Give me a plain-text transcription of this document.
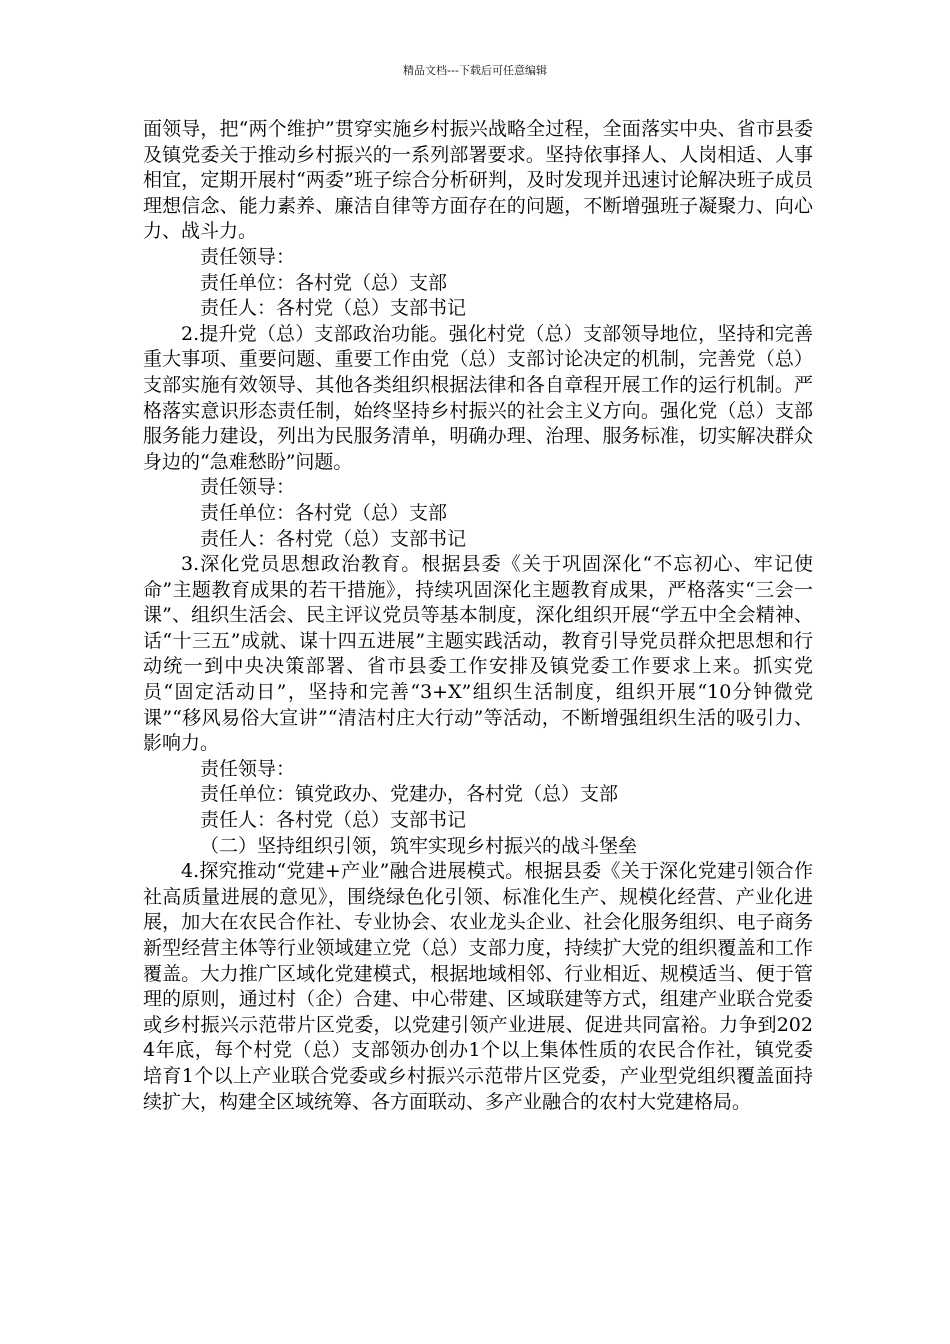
精品文档---下载后可任意编辑

面领导，把“两个维护”贯穿实施乡村振兴战略全过程，全面落实中央、省市县委及镇党委关于推动乡村振兴的一系列部署要求。坚持依事择人、人岗相适、人事相宜，定期开展村“两委”班子综合分析研判，及时发现并迅速讨论解决班子成员理想信念、能力素养、廉洁自律等方面存在的问题，不断增强班子凝聚力、向心力、战斗力。

责任领导：

责任单位：各村党（总）支部

责任人：各村党（总）支部书记

2.提升党（总）支部政治功能。强化村党（总）支部领导地位，坚持和完善重大事项、重要问题、重要工作由党（总）支部讨论决定的机制，完善党（总）支部实施有效领导、其他各类组织根据法律和各自章程开展工作的运行机制。严格落实意识形态责任制，始终坚持乡村振兴的社会主义方向。强化党（总）支部服务能力建设，列出为民服务清单，明确办理、治理、服务标准，切实解决群众身边的“急难愁盼”问题。

责任领导：

责任单位：各村党（总）支部

责任人：各村党（总）支部书记

3.深化党员思想政治教育。根据县委《关于巩固深化“不忘初心、牢记使命”主题教育成果的若干措施》，持续巩固深化主题教育成果，严格落实“三会一课”、组织生活会、民主评议党员等基本制度，深化组织开展“学五中全会精神、话“十三五”成就、谋十四五进展”主题实践活动，教育引导党员群众把思想和行动统一到中央决策部署、省市县委工作安排及镇党委工作要求上来。抓实党员“固定活动日”，坚持和完善“3+X”组织生活制度，组织开展“10分钟微党课”“移风易俗大宣讲”“清洁村庄大行动”等活动，不断增强组织生活的吸引力、影响力。

责任领导：

责任单位：镇党政办、党建办，各村党（总）支部

责任人：各村党（总）支部书记

（二）坚持组织引领，筑牢实现乡村振兴的战斗堡垒

4.探究推动“党建+产业”融合进展模式。根据县委《关于深化党建引领合作社高质量进展的意见》，围绕绿色化引领、标准化生产、规模化经营、产业化进展，加大在农民合作社、专业协会、农业龙头企业、社会化服务组织、电子商务新型经营主体等行业领域建立党（总）支部力度，持续扩大党的组织覆盖和工作覆盖。大力推广区域化党建模式，根据地域相邻、行业相近、规模适当、便于管理的原则，通过村（企）合建、中心带建、区域联建等方式，组建产业联合党委或乡村振兴示范带片区党委，以党建引领产业进展、促进共同富裕。力争到2024年底，每个村党（总）支部领办创办1个以上集体性质的农民合作社，镇党委培育1个以上产业联合党委或乡村振兴示范带片区党委，产业型党组织覆盖面持续扩大，构建全区域统筹、各方面联动、多产业融合的农村大党建格局。
